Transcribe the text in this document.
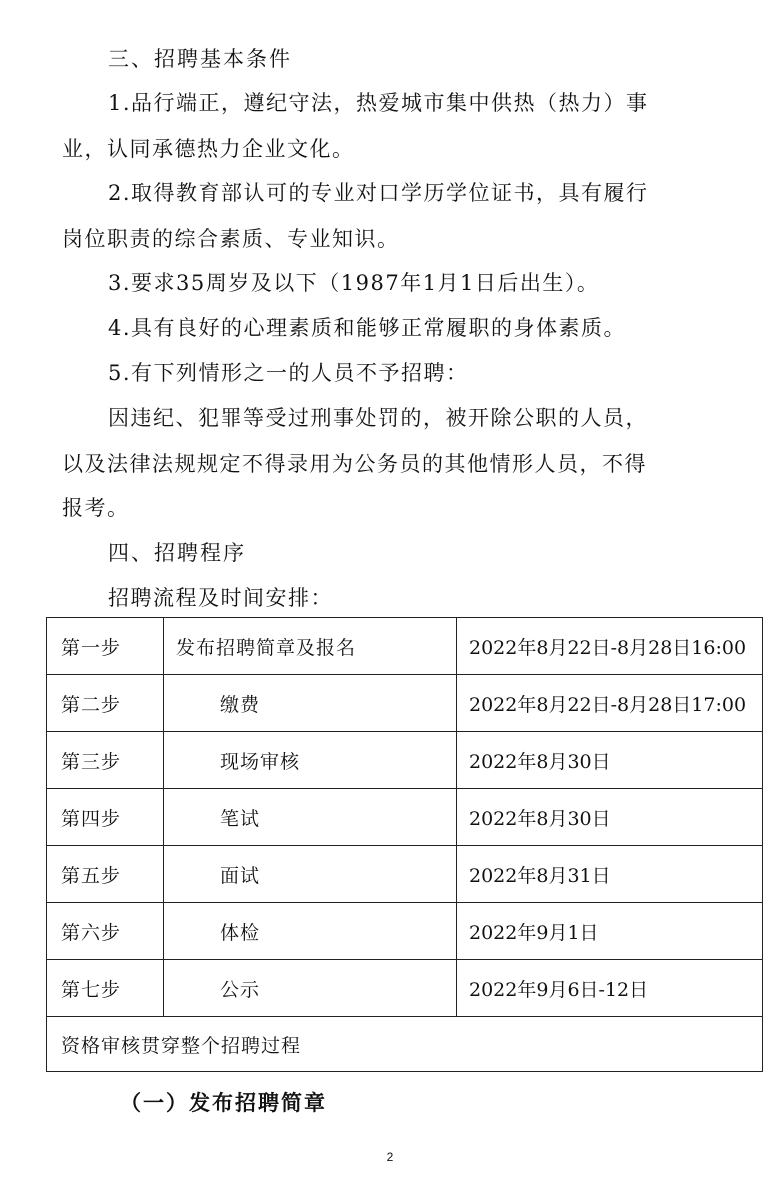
三、招聘基本条件
1.品行端正，遵纪守法，热爱城市集中供热（热力）事
业，认同承德热力企业文化。
2.取得教育部认可的专业对口学历学位证书，具有履行
岗位职责的综合素质、专业知识。
3.要求35周岁及以下（1987年1月1日后出生）。
4.具有良好的心理素质和能够正常履职的身体素质。
5.有下列情形之一的人员不予招聘：
因违纪、犯罪等受过刑事处罚的，被开除公职的人员，
以及法律法规规定不得录用为公务员的其他情形人员，不得
报考。
四、招聘程序
招聘流程及时间安排：
第一步	发布招聘简章及报名	2022年8月22日-8月28日16:00
第二步	缴费	2022年8月22日-8月28日17:00
第三步	现场审核	2022年8月30日
第四步	笔试	2022年8月30日
第五步	面试	2022年8月31日
第六步	体检	2022年9月1日
第七步	公示	2022年9月6日-12日
资格审核贯穿整个招聘过程		
（一）发布招聘简章
2
